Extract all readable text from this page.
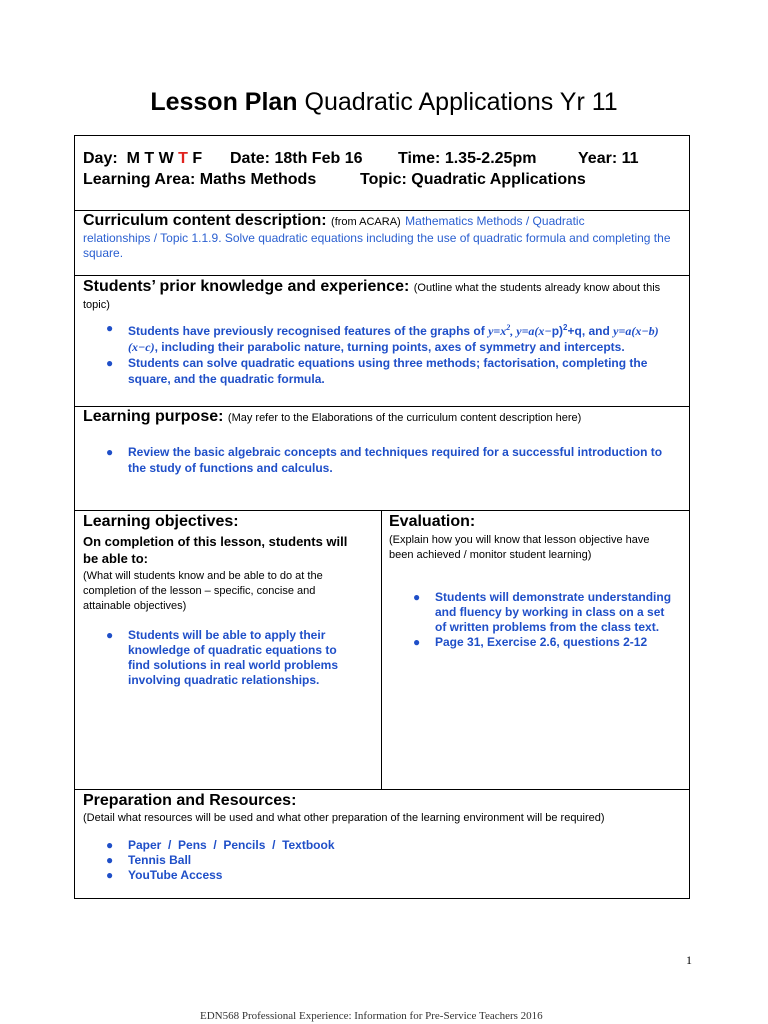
Lesson Plan Quadratic Applications Yr 11
Day: M T W T F Date: 18th Feb 16 Time: 1.35-2.25pm	Year: 11
Learning Area: Maths Methods	Topic: Quadratic Applications
Curriculum content description: (from ACARA) Mathematics Methods / Quadratic
relationships / Topic 1.1.9. Solve quadratic equations including the use of quadratic formula and completing the square.
Students’ prior knowledge and experience: (Outline what the students already know about this topic)
● Students have previously recognised features of the graphs of $y=x^2$, $y=a(x-p)^2+q$, and y=a(x−b)(x−c), including their parabolic nature, turning points, axes of symmetry and intercepts.
● Students can solve quadratic equations using three methods; factorisation, completing the square, and the quadratic formula.
Learning purpose: (May refer to the Elaborations of the curriculum content description here)
● Review the basic algebraic concepts and techniques required for a successful introduction to the study of functions and calculus.
Learning objectives:
On completion of this lesson, students will be able to:
(What will students know and be able to do at the completion of the lesson – specific, concise and attainable objectives)
● Students will be able to apply their knowledge of quadratic equations to find solutions in real world problems involving quadratic relationships.
Evaluation:
(Explain how you will know that lesson objective have been achieved / monitor student learning)
● Students will demonstrate understanding and fluency by working in class on a set of written problems from the class text.
● Page 31, Exercise 2.6, questions 2-12
Preparation and Resources:
(Detail what resources will be used and what other preparation of the learning environment will be required)
● Paper  /  Pens  /  Pencils  /  Textbook
● Tennis Ball
● YouTube Access
1
EDN568 Professional Experience: Information for Pre-Service Teachers 2016
